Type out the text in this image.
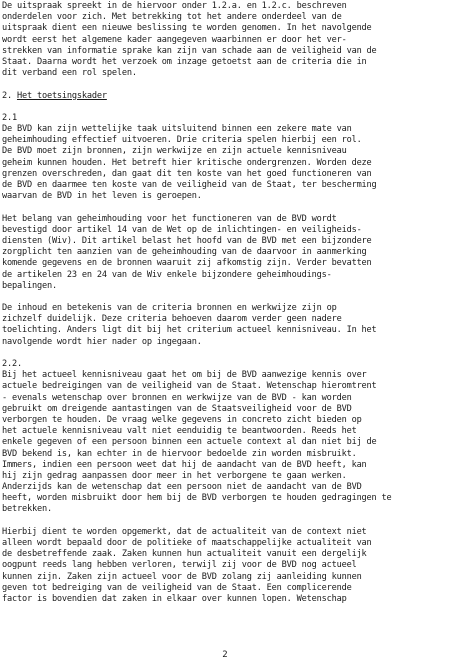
De uitspraak spreekt in de hiervoor onder 1.2.a. en 1.2.c. beschreven
onderdelen voor zich. Met betrekking tot het andere onderdeel van de
uitspraak dient een nieuwe beslissing te worden genomen. In het navolgende
wordt eerst het algemene kader aangegeven waarbinnen er door het ver-
strekken van informatie sprake kan zijn van schade aan de veiligheid van de
Staat. Daarna wordt het verzoek om inzage getoetst aan de criteria die in
dit verband een rol spelen.
2. Het toetsingskader
2.1
De BVD kan zijn wettelijke taak uitsluitend binnen een zekere mate van
geheimhouding effectief uitvoeren. Drie criteria spelen hierbij een rol.
De BVD moet zijn bronnen, zijn werkwijze en zijn actuele kennisniveau
geheim kunnen houden. Het betreft hier kritische ondergrenzen. Worden deze
grenzen overschreden, dan gaat dit ten koste van het goed functioneren van
de BVD en daarmee ten koste van de veiligheid van de Staat, ter bescherming
waarvan de BVD in het leven is geroepen.
Het belang van geheimhouding voor het functioneren van de BVD wordt
bevestigd door artikel 14 van de Wet op de inlichtingen- en veiligheids-
diensten (Wiv). Dit artikel belast het hoofd van de BVD met een bijzondere
zorgplicht ten aanzien van de geheimhouding van de daarvoor in aanmerking
komende gegevens en de bronnen waaruit zij afkomstig zijn. Verder bevatten
de artikelen 23 en 24 van de Wiv enkele bijzondere geheimhoudings-
bepalingen.
De inhoud en betekenis van de criteria bronnen en werkwijze zijn op
zichzelf duidelijk. Deze criteria behoeven daarom verder geen nadere
toelichting. Anders ligt dit bij het criterium actueel kennisniveau. In het
navolgende wordt hier nader op ingegaan.
2.2.
Bij het actueel kennisniveau gaat het om bij de BVD aanwezige kennis over
actuele bedreigingen van de veiligheid van de Staat. Wetenschap hieromtrent
- evenals wetenschap over bronnen en werkwijze van de BVD - kan worden
gebruikt om dreigende aantastingen van de Staatsveiligheid voor de BVD
verborgen te houden. De vraag welke gegevens in concreto zicht bieden op
het actuele kennisniveau valt niet eenduidig te beantwoorden. Reeds het
enkele gegeven of een persoon binnen een actuele context al dan niet bij de
BVD bekend is, kan echter in de hiervoor bedoelde zin worden misbruikt.
Immers, indien een persoon weet dat hij de aandacht van de BVD heeft, kan
hij zijn gedrag aanpassen door meer in het verborgene te gaan werken.
Anderzijds kan de wetenschap dat een persoon niet de aandacht van de BVD
heeft, worden misbruikt door hem bij de BVD verborgen te houden gedragingen te
betrekken.
Hierbij dient te worden opgemerkt, dat de actualiteit van de context niet
alleen wordt bepaald door de politieke of maatschappelijke actualiteit van
de desbetreffende zaak. Zaken kunnen hun actualiteit vanuit een dergelijk
oogpunt reeds lang hebben verloren, terwijl zij voor de BVD nog actueel
kunnen zijn. Zaken zijn actueel voor de BVD zolang zij aanleiding kunnen
geven tot bedreiging van de veiligheid van de Staat. Een complicerende
factor is bovendien dat zaken in elkaar over kunnen lopen. Wetenschap
2
